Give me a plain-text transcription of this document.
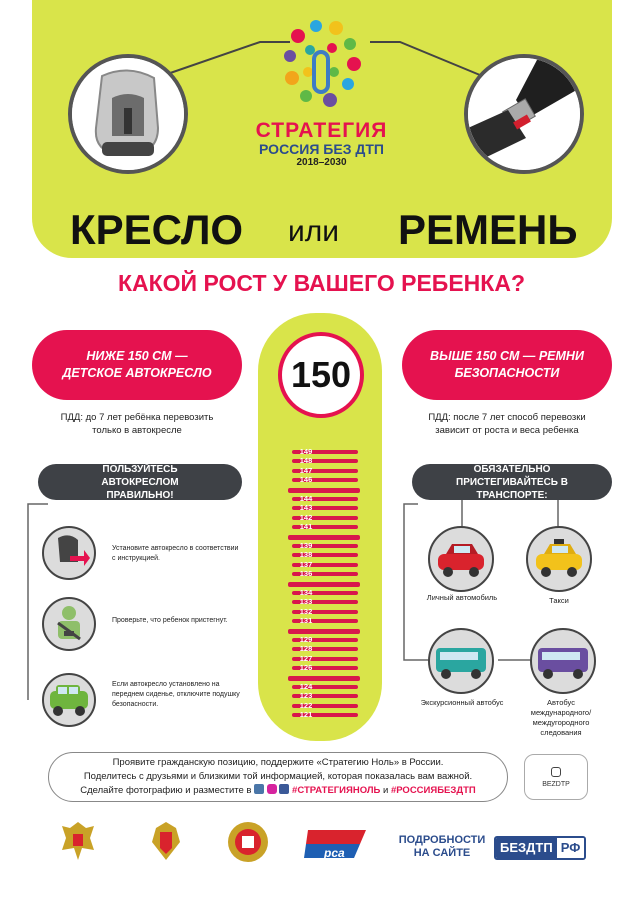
СТРАТЕГИЯ
РОССИЯ БЕЗ ДТП
2018–2030
КРЕСЛО или РЕМЕНЬ
КАКОЙ РОСТ У ВАШЕГО РЕБЕНКА?
150
149
148
147
146
144
143
142
141
139
138
137
136
134
133
132
131
129
128
127
126
124
123
122
121
НИЖЕ 150 СМ — ДЕТСКОЕ АВТОКРЕСЛО
ПДД: до 7 лет ребёнка перевозить только в автокресле
ПОЛЬЗУЙТЕСЬ АВТОКРЕСЛОМ ПРАВИЛЬНО!
Установите автокресло в соответствии с инструкцией.
Проверьте, что ребенок пристегнут.
Если автокресло установлено на переднем сиденье, отключите подушку безопасности.
ВЫШЕ 150 СМ — РЕМНИ БЕЗОПАСНОСТИ
ПДД: после 7 лет способ перевозки зависит от роста и веса ребенка
ОБЯЗАТЕЛЬНО ПРИСТЕГИВАЙТЕСЬ В ТРАНСПОРТЕ:
Личный автомобиль	Такси
Экскурсионный автобус	Автобус международного/ междугородного следования
Проявите гражданскую позицию, поддержите «Стратегию Ноль» в России.
Поделитесь с друзьями и близкими той информацией, которая показалась вам важной.
Сделайте фотографию и разместите в	#СТРАТЕГИЯНОЛЬ и #РОССИЯБЕЗДТП
BEZDTP
рса
ПОДРОБНОСТИ
НА САЙТЕ	БЕЗДТП РФ
